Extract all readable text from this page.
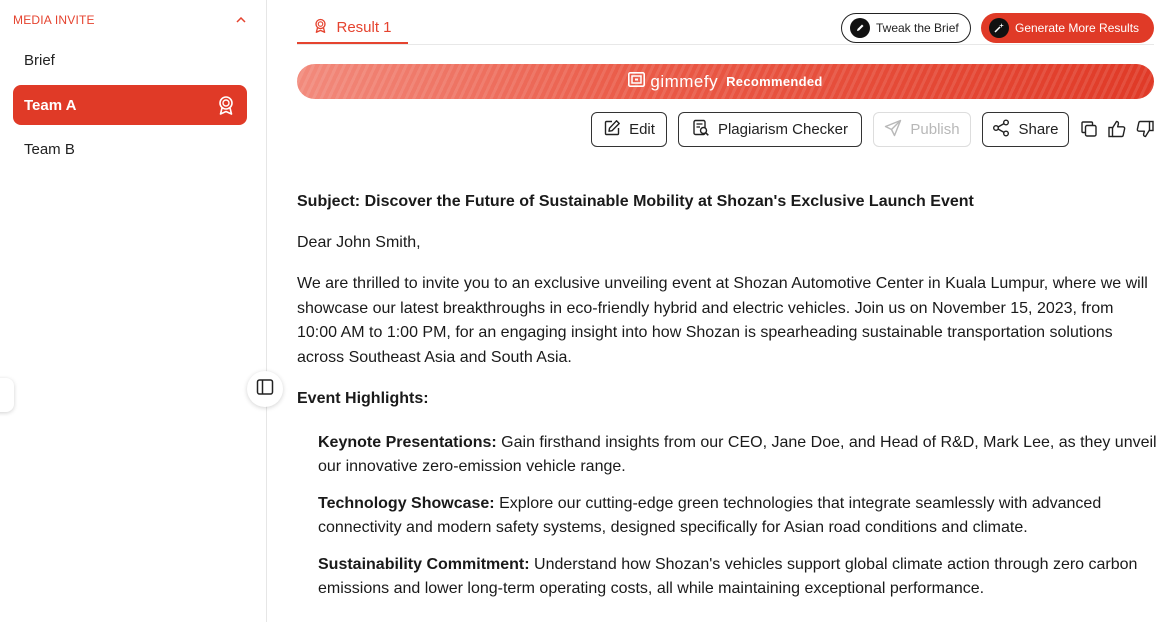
MEDIA INVITE
Brief
Team A
Team B
Result 1	Tweak the Brief	Generate More Results
gimmefy Recommended
Edit	Plagiarism Checker	Publish	Share
Subject: Discover the Future of Sustainable Mobility at Shozan's Exclusive Launch Event

Dear John Smith,

We are thrilled to invite you to an exclusive unveiling event at Shozan Automotive Center in Kuala Lumpur, where we will showcase our latest breakthroughs in eco-friendly hybrid and electric vehicles. Join us on November 15, 2023, from 10:00 AM to 1:00 PM, for an engaging insight into how Shozan is spearheading sustainable transportation solutions across Southeast Asia and South Asia.

Event Highlights:
Keynote Presentations: Gain firsthand insights from our CEO, Jane Doe, and Head of R&D, Mark Lee, as they unveil our innovative zero-emission vehicle range.
Technology Showcase: Explore our cutting-edge green technologies that integrate seamlessly with advanced connectivity and modern safety systems, designed specifically for Asian road conditions and climate.
Sustainability Commitment: Understand how Shozan's vehicles support global climate action through zero carbon emissions and lower long-term operating costs, all while maintaining exceptional performance.
